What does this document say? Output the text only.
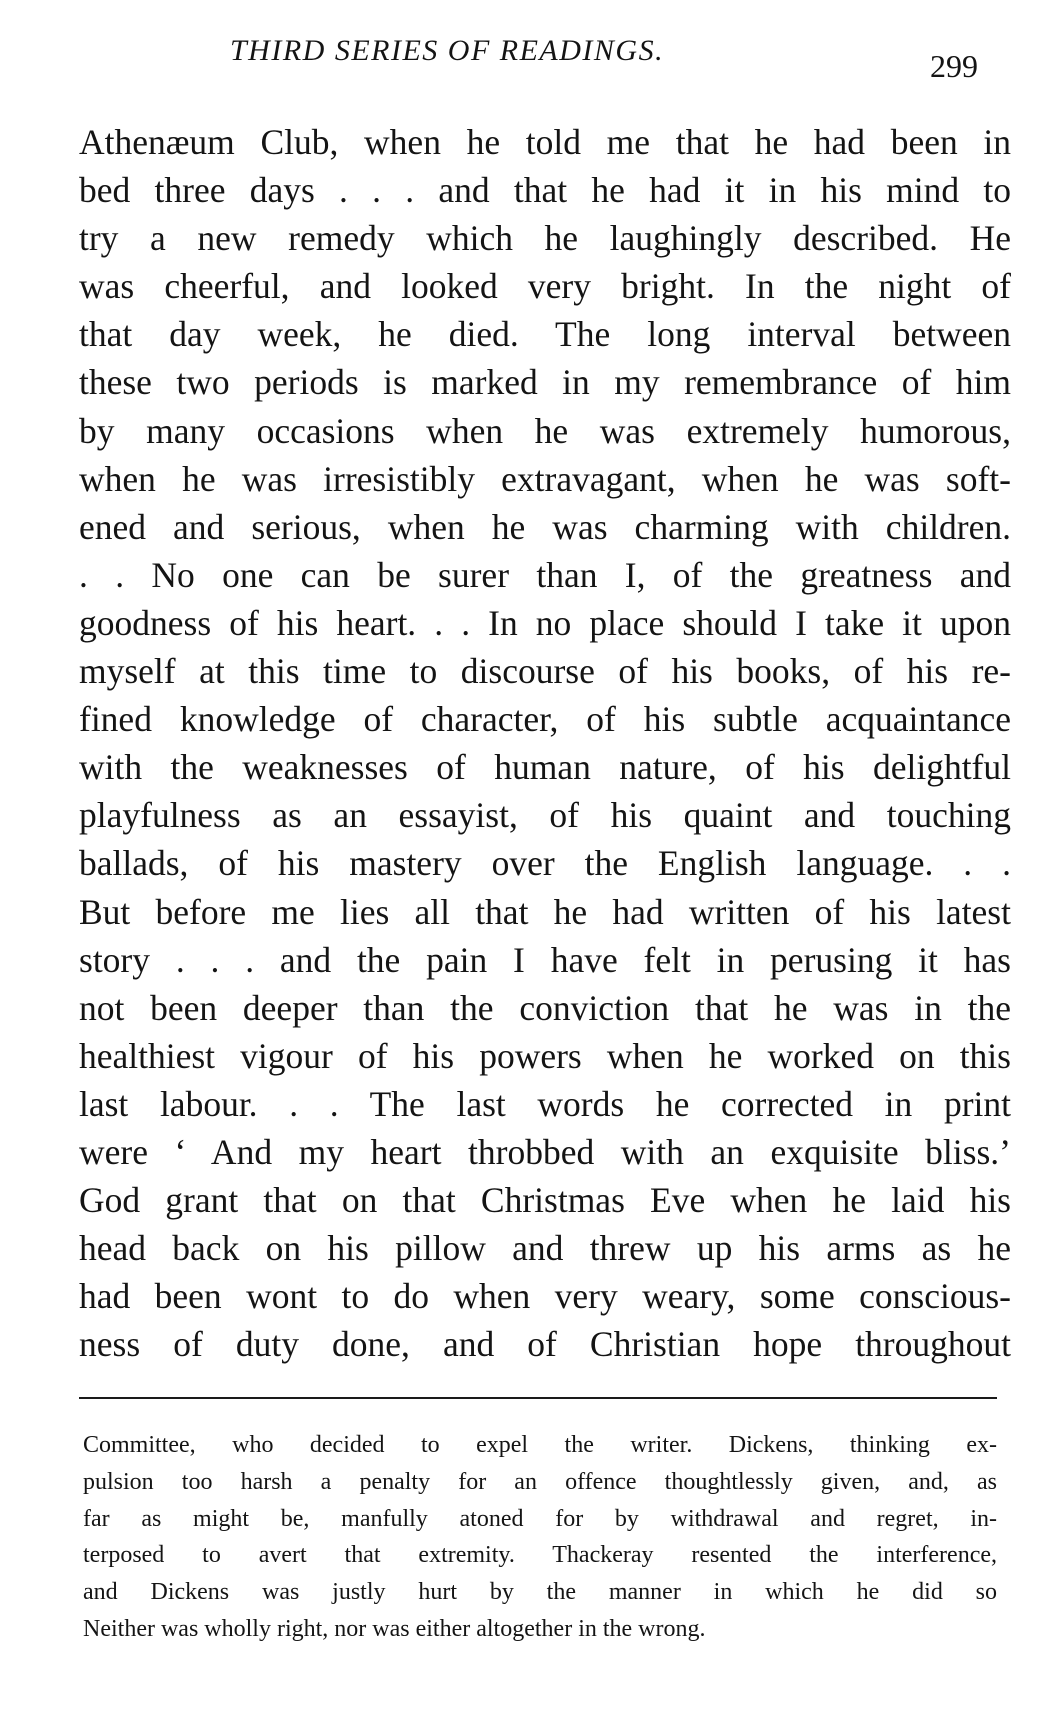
THIRD SERIES OF READINGS.	299
Athenæum Club, when he told me that he had been in
bed three days . . . and that he had it in his mind to
try a new remedy which he laughingly described. He
was cheerful, and looked very bright. In the night of
that day week, he died. The long interval between
these two periods is marked in my remembrance of him
by many occasions when he was extremely humorous,
when he was irresistibly extravagant, when he was soft-
ened and serious, when he was charming with children.
. . No one can be surer than I, of the greatness and
goodness of his heart. . . In no place should I take it upon
myself at this time to discourse of his books, of his re-
fined knowledge of character, of his subtle acquaintance
with the weaknesses of human nature, of his delightful
playfulness as an essayist, of his quaint and touching
ballads, of his mastery over the English language. . .
But before me lies all that he had written of his latest
story . . . and the pain I have felt in perusing it has
not been deeper than the conviction that he was in the
healthiest vigour of his powers when he worked on this
last labour. . . The last words he corrected in print
were ‘ And my heart throbbed with an exquisite bliss.’
God grant that on that Christmas Eve when he laid his
head back on his pillow and threw up his arms as he
had been wont to do when very weary, some conscious-
ness of duty done, and of Christian hope throughout
Committee, who decided to expel the writer. Dickens, thinking ex-
pulsion too harsh a penalty for an offence thoughtlessly given, and, as
far as might be, manfully atoned for by withdrawal and regret, in-
terposed to avert that extremity. Thackeray resented the interference,
and Dickens was justly hurt by the manner in which he did so
Neither was wholly right, nor was either altogether in the wrong.
